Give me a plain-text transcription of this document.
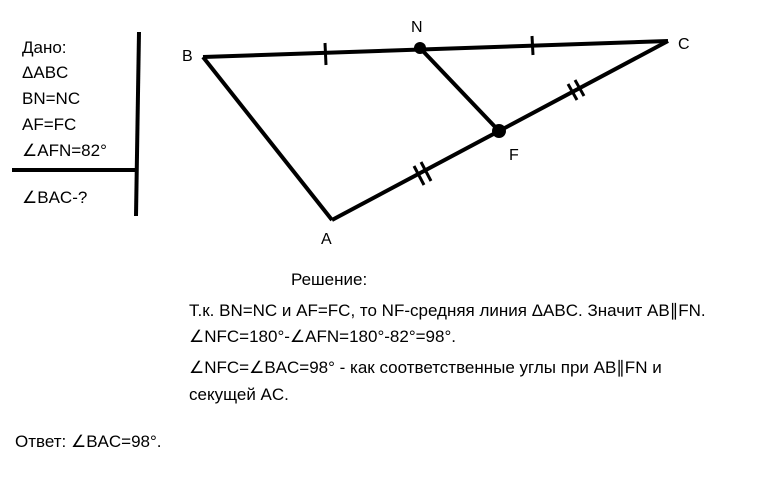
Дано:
ΔABC
BN=NC
AF=FC
∠AFN=82°
∠BAC-?
B
N
C
F
A
Решение:
Т.к. BN=NC и AF=FC, то NF-средняя линия ΔABC. Значит AB∥FN.
∠NFC=180°-∠AFN=180°-82°=98°.
∠NFC=∠BAC=98° - как соответственные углы при AB∥FN и
секущей AC.
Ответ: ∠BAC=98°.
